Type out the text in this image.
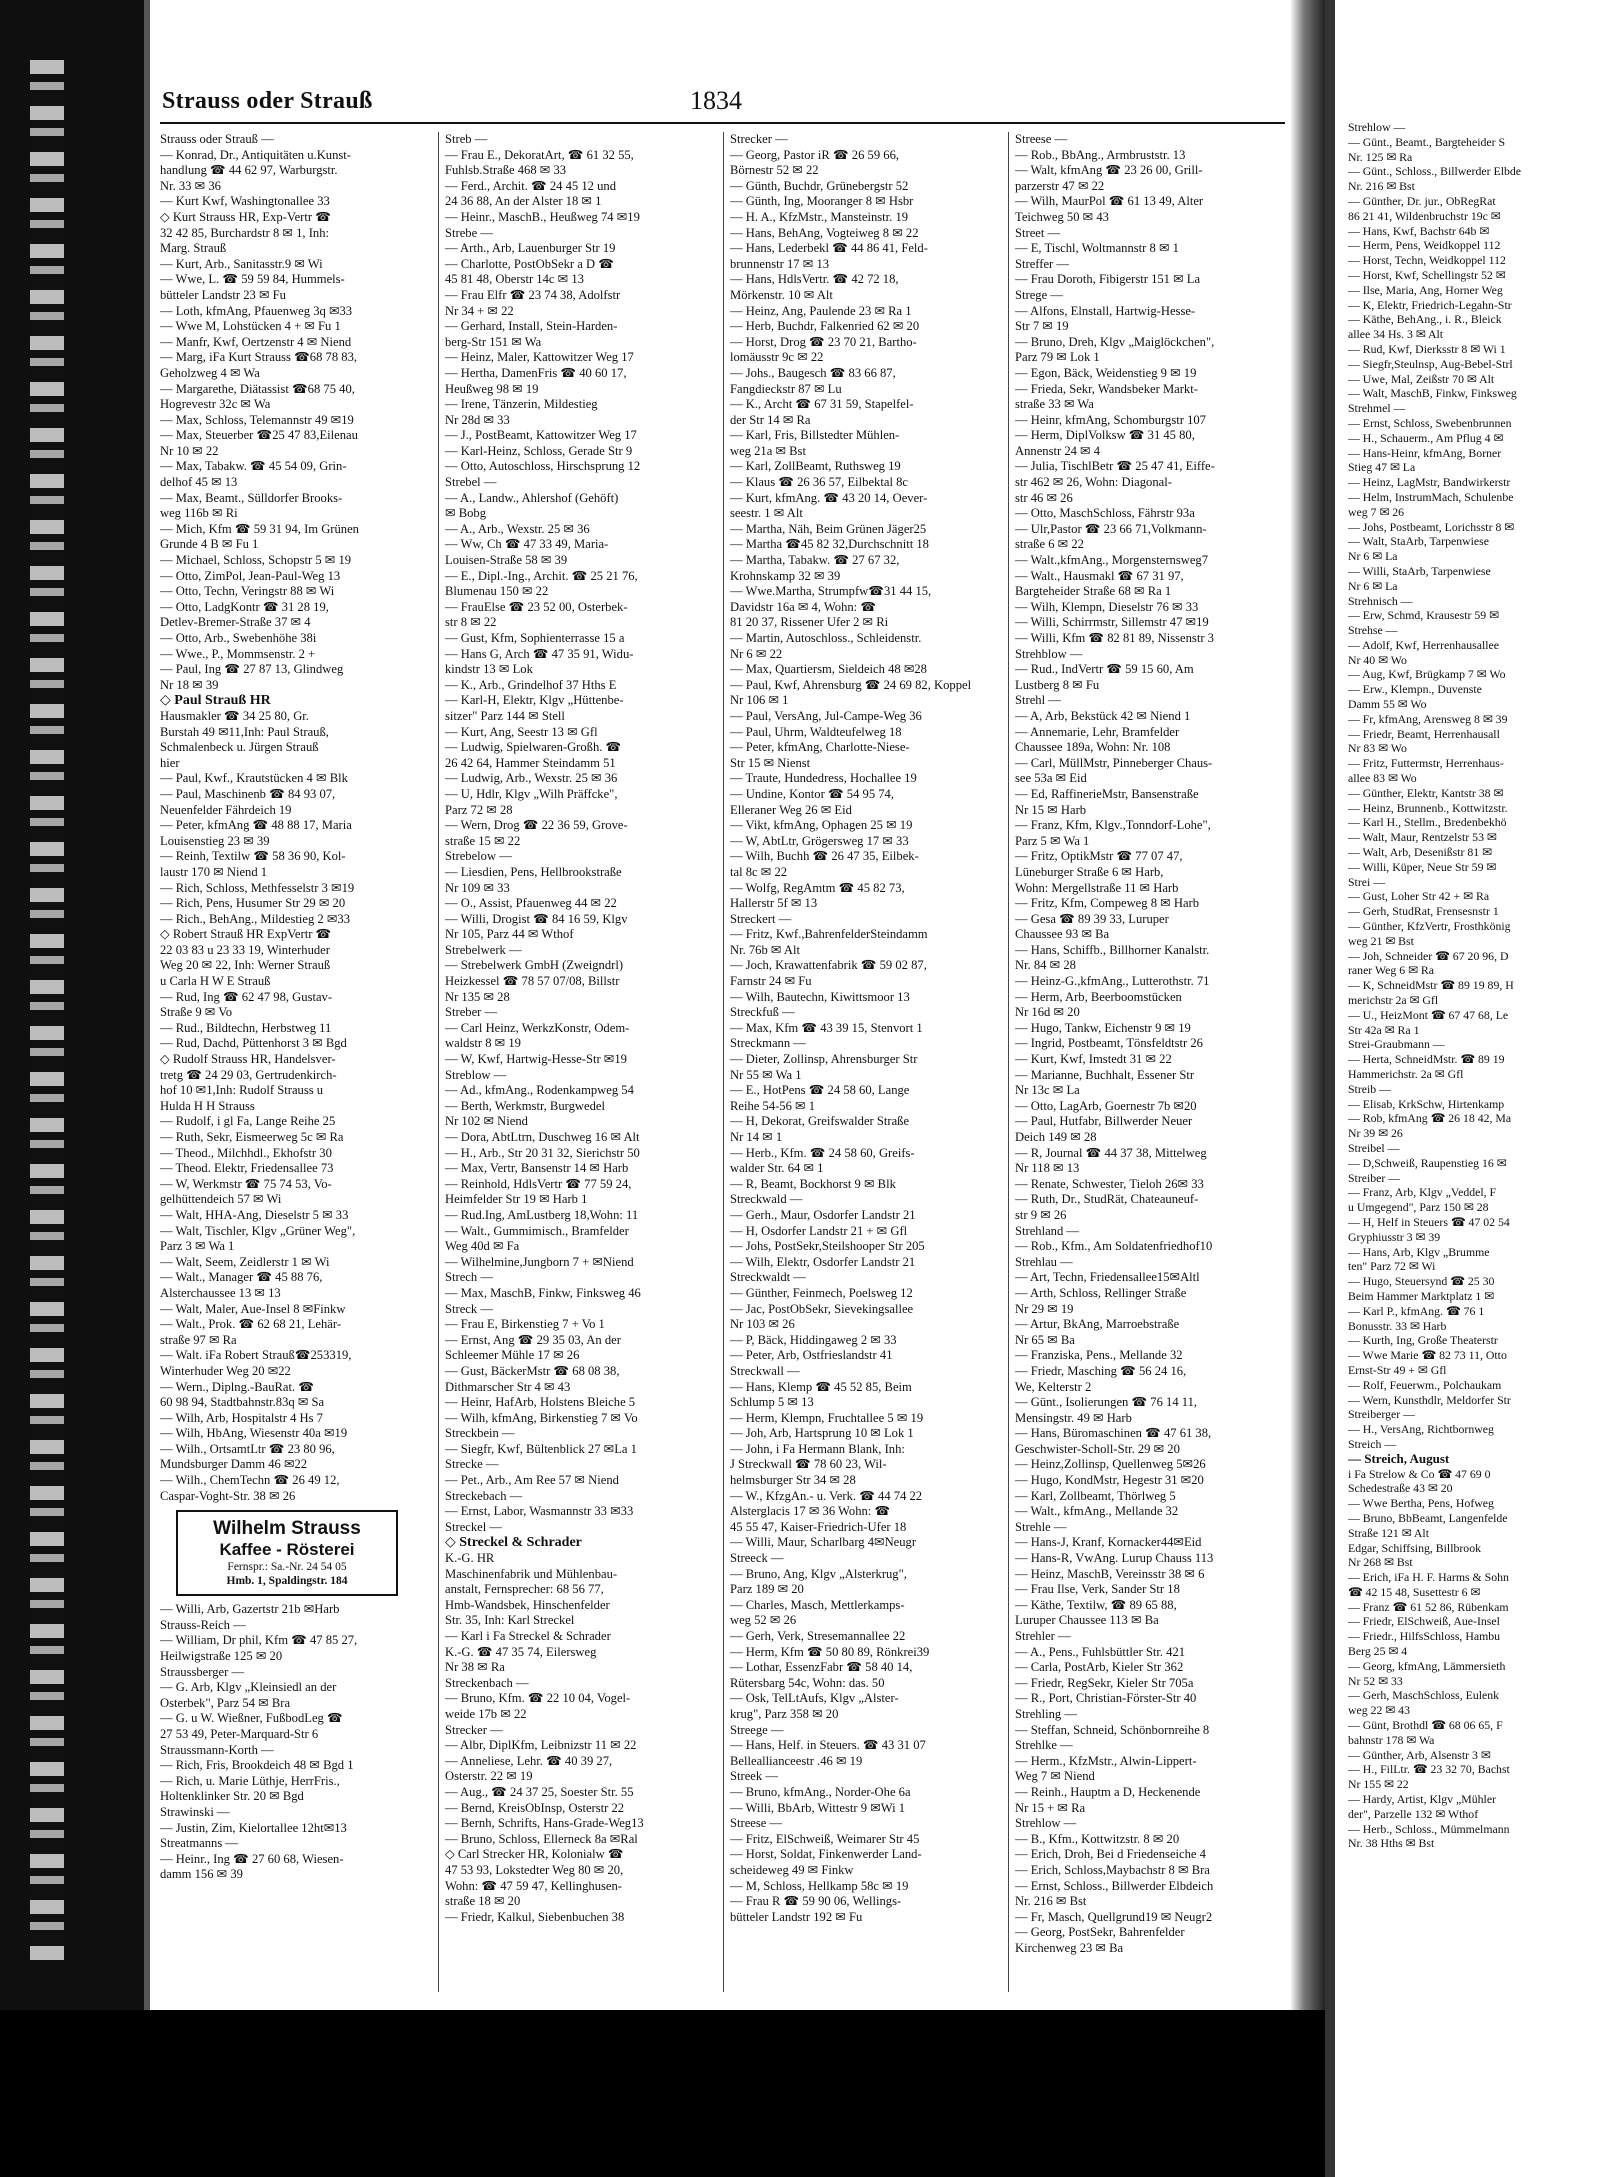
Strauss oder Strauß	1834
Strauss oder Strauß —
— Konrad, Dr., Antiquitäten u.Kunst-
handlung ☎ 44 62 97, Warburgstr.
Nr. 33 ✉ 36
— Kurt Kwf, Washingtonallee 33
◇ Kurt Strauss HR, Exp-Vertr ☎
32 42 85, Burchardstr 8 ✉ 1, Inh:
Marg. Strauß
— Kurt, Arb., Sanitasstr.9 ✉ Wi
— Wwe, L. ☎ 59 59 84, Hummels-
bütteler Landstr 23 ✉ Fu
— Loth, kfmAng, Pfauenweg 3q ✉33
— Wwe M, Lohstücken 4 + ✉ Fu 1
— Manfr, Kwf, Oertzenstr 4 ✉ Niend
— Marg, iFa Kurt Strauss ☎68 78 83,
Geholzweg 4 ✉ Wa
— Margarethe, Diätassist ☎68 75 40,
Hogrevestr 32c ✉ Wa
— Max, Schloss, Telemannstr 49 ✉19
— Max, Steuerber ☎25 47 83,Eilenau
Nr 10 ✉ 22
— Max, Tabakw. ☎ 45 54 09, Grin-
delhof 45 ✉ 13
— Max, Beamt., Sülldorfer Brooks-
weg 116b ✉ Ri
— Mich, Kfm ☎ 59 31 94, Im Grünen
Grunde 4 B ✉ Fu 1
— Michael, Schloss, Schopstr 5 ✉ 19
— Otto, ZimPol, Jean-Paul-Weg 13
— Otto, Techn, Veringstr 88 ✉ Wi
— Otto, LadgKontr ☎ 31 28 19,
Detlev-Bremer-Straße 37 ✉ 4
— Otto, Arb., Swebenhöhe 38i
— Wwe., P., Mommsenstr. 2 +
— Paul, Ing ☎ 27 87 13, Glindweg
Nr 18 ✉ 39
◇ Paul Strauß HR
Hausmakler ☎ 34 25 80, Gr.
Burstah 49 ✉11,Inh: Paul Strauß,
Schmalenbeck u. Jürgen Strauß
hier
— Paul, Kwf., Krautstücken 4 ✉ Blk
— Paul, Maschinenb ☎ 84 93 07,
Neuenfelder Fährdeich 19
— Peter, kfmAng ☎ 48 88 17, Maria
Louisenstieg 23 ✉ 39
— Reinh, Textilw ☎ 58 36 90, Kol-
laustr 170 ✉ Niend 1
— Rich, Schloss, Methfesselstr 3 ✉19
— Rich, Pens, Husumer Str 29 ✉ 20
— Rich., BehAng., Mildestieg 2 ✉33
◇ Robert Strauß HR ExpVertr ☎
22 03 83 u 23 33 19, Winterhuder
Weg 20 ✉ 22, Inh: Werner Strauß
u Carla H W E Strauß
— Rud, Ing ☎ 62 47 98, Gustav-
Straße 9 ✉ Vo
— Rud., Bildtechn, Herbstweg 11
— Rud, Dachd, Püttenhorst 3 ✉ Bgd
◇ Rudolf Strauss HR, Handelsver-
tretg ☎ 24 29 03, Gertrudenkirch-
hof 10 ✉1,Inh: Rudolf Strauss u
Hulda H H Strauss
— Rudolf, i gl Fa, Lange Reihe 25
— Ruth, Sekr, Eismeerweg 5c ✉ Ra
— Theod., Milchhdl., Ekhofstr 30
— Theod. Elektr, Friedensallee 73
— W, Werkmstr ☎ 75 74 53, Vo-
gelhüttendeich 57 ✉ Wi
— Walt, HHA-Ang, Dieselstr 5 ✉ 33
— Walt, Tischler, Klgv „Grüner Weg",
Parz 3 ✉ Wa 1
— Walt, Seem, Zeidlerstr 1 ✉ Wi
— Walt., Manager ☎ 45 88 76,
Alsterchaussee 13 ✉ 13
— Walt, Maler, Aue-Insel 8 ✉Finkw
— Walt., Prok. ☎ 62 68 21, Lehär-
straße 97 ✉ Ra
— Walt. iFa Robert Strauß☎253319,
Winterhuder Weg 20 ✉22
— Wern., Diplng.-BauRat. ☎
60 98 94, Stadtbahnstr.83q ✉ Sa
— Wilh, Arb, Hospitalstr 4 Hs 7
— Wilh, HbAng, Wiesenstr 40a ✉19
— Wilh., OrtsamtLtr ☎ 23 80 96,
Mundsburger Damm 46 ✉22
— Wilh., ChemTechn ☎ 26 49 12,
Caspar-Voght-Str. 38 ✉ 26
Wilhelm Strauss
Kaffee - Rösterei
Fernspr.: Sa.-Nr. 24 54 05
Hmb. 1, Spaldingstr. 184
— Willi, Arb, Gazertstr 21b ✉Harb
Strauss-Reich —
— William, Dr phil, Kfm ☎ 47 85 27,
Heilwigstraße 125 ✉ 20
Straussberger —
— G. Arb, Klgv „Kleinsiedl an der
Osterbek", Parz 54 ✉ Bra
— G. u W. Wießner, FußbodLeg ☎
27 53 49, Peter-Marquard-Str 6
Straussmann-Korth —
— Rich, Fris, Brookdeich 48 ✉ Bgd 1
— Rich, u. Marie Lüthje, HerrFris.,
Holtenklinker Str. 20 ✉ Bgd
Strawinski —
— Justin, Zim, Kielortallee 12ht✉13
Streatmanns —
— Heinr., Ing ☎ 27 60 68, Wiesen-
damm 156 ✉ 39
Streb —
— Frau E., DekoratArt, ☎ 61 32 55,
Fuhlsb.Straße 468 ✉ 33
— Ferd., Archit. ☎ 24 45 12 und
24 36 88, An der Alster 18 ✉ 1
— Heinr., MaschB., Heußweg 74 ✉19
Strebe —
— Arth., Arb, Lauenburger Str 19
— Charlotte, PostObSekr a D ☎
45 81 48, Oberstr 14c ✉ 13
— Frau Elfr ☎ 23 74 38, Adolfstr
Nr 34 + ✉ 22
— Gerhard, Install, Stein-Harden-
berg-Str 151 ✉ Wa
— Heinz, Maler, Kattowitzer Weg 17
— Hertha, DamenFris ☎ 40 60 17,
Heußweg 98 ✉ 19
— Irene, Tänzerin, Mildestieg
Nr 28d ✉ 33
— J., PostBeamt, Kattowitzer Weg 17
— Karl-Heinz, Schloss, Gerade Str 9
— Otto, Autoschloss, Hirschsprung 12
Strebel —
— A., Landw., Ahlershof (Gehöft)
✉ Bobg
— A., Arb., Wexstr. 25 ✉ 36
— Ww, Ch ☎ 47 33 49, Maria-
Louisen-Straße 58 ✉ 39
— E., Dipl.-Ing., Archit. ☎ 25 21 76,
Blumenau 150 ✉ 22
— FrauElse ☎ 23 52 00, Osterbek-
str 8 ✉ 22
— Gust, Kfm, Sophienterrasse 15 a
— Hans G, Arch ☎ 47 35 91, Widu-
kindstr 13 ✉ Lok
— K., Arb., Grindelhof 37 Hths E
— Karl-H, Elektr, Klgv „Hüttenbe-
sitzer" Parz 144 ✉ Stell
— Kurt, Ang, Seestr 13 ✉ Gfl
— Ludwig, Spielwaren-Großh. ☎
26 42 64, Hammer Steindamm 51
— Ludwig, Arb., Wexstr. 25 ✉ 36
— U, Hdlr, Klgv „Wilh Präffcke",
Parz 72 ✉ 28
— Wern, Drog ☎ 22 36 59, Grove-
straße 15 ✉ 22
Strebelow —
— Liesdien, Pens, Hellbrookstraße
Nr 109 ✉ 33
— O., Assist, Pfauenweg 44 ✉ 22
— Willi, Drogist ☎ 84 16 59, Klgv
Nr 105, Parz 44 ✉ Wthof
Strebelwerk —
— Strebelwerk GmbH (Zweigndrl)
Heizkessel ☎ 78 57 07/08, Billstr
Nr 135 ✉ 28
Streber —
— Carl Heinz, WerkzKonstr, Odem-
waldstr 8 ✉ 19
— W, Kwf, Hartwig-Hesse-Str ✉19
Streblow —
— Ad., kfmAng., Rodenkampweg 54
— Berth, Werkmstr, Burgwedel
Nr 102 ✉ Niend
— Dora, AbtLtrn, Duschweg 16 ✉ Alt
— H., Arb., Str 20 31 32, Sierichstr 50
— Max, Vertr, Bansenstr 14 ✉ Harb
— Reinhold, HdlsVertr ☎ 77 59 24,
Heimfelder Str 19 ✉ Harb 1
— Rud.Ing, AmLustberg 18,Wohn: 11
— Walt., Gummimisch., Bramfelder
Weg 40d ✉ Fa
— Wilhelmine,Jungborn 7 + ✉Niend
Strech —
— Max, MaschB, Finkw, Finksweg 46
Streck —
— Frau E, Birkenstieg 7 + Vo 1
— Ernst, Ang ☎ 29 35 03, An der
Schleemer Mühle 17 ✉ 26
— Gust, BäckerMstr ☎ 68 08 38,
Dithmarscher Str 4 ✉ 43
— Heinr, HafArb, Holstens Bleiche 5
— Wilh, kfmAng, Birkenstieg 7 ✉ Vo
Streckbein —
— Siegfr, Kwf, Bültenblick 27 ✉La 1
Strecke —
— Pet., Arb., Am Ree 57 ✉ Niend
Streckebach —
— Ernst, Labor, Wasmannstr 33 ✉33
Streckel —
◇ Streckel & Schrader
K.-G. HR
Maschinenfabrik und Mühlenbau-
anstalt, Fernsprecher: 68 56 77,
Hmb-Wandsbek, Hinschenfelder
Str. 35, Inh: Karl Streckel
— Karl i Fa Streckel & Schrader
K.-G. ☎ 47 35 74, Eilersweg
Nr 38 ✉ Ra
Streckenbach —
— Bruno, Kfm. ☎ 22 10 04, Vogel-
weide 17b ✉ 22
Strecker —
— Albr, DiplKfm, Leibnizstr 11 ✉ 22
— Anneliese, Lehr. ☎ 40 39 27,
Osterstr. 22 ✉ 19
— Aug., ☎ 24 37 25, Soester Str. 55
— Bernd, KreisObInsp, Osterstr 22
— Bernh, Schrifts, Hans-Grade-Weg13
— Bruno, Schloss, Ellerneck 8a ✉Ral
◇ Carl Strecker HR, Kolonialw ☎
47 53 93, Lokstedter Weg 80 ✉ 20,
Wohn: ☎ 47 59 47, Kellinghusen-
straße 18 ✉ 20
— Friedr, Kalkul, Siebenbuchen 38
Strecker —
— Georg, Pastor iR ☎ 26 59 66,
Börnestr 52 ✉ 22
— Günth, Buchdr, Grünebergstr 52
— Günth, Ing, Mooranger 8 ✉ Hsbr
— H. A., KfzMstr., Mansteinstr. 19
— Hans, BehAng, Vogteiweg 8 ✉ 22
— Hans, Lederbekl ☎ 44 86 41, Feld-
brunnenstr 17 ✉ 13
— Hans, HdlsVertr. ☎ 42 72 18,
Mörkenstr. 10 ✉ Alt
— Heinz, Ang, Paulende 23 ✉ Ra 1
— Herb, Buchdr, Falkenried 62 ✉ 20
— Horst, Drog ☎ 23 70 21, Bartho-
lomäusstr 9c ✉ 22
— Johs., Baugesch ☎ 83 66 87,
Fangdieckstr 87 ✉ Lu
— K., Archt ☎ 67 31 59, Stapelfel-
der Str 14 ✉ Ra
— Karl, Fris, Billstedter Mühlen-
weg 21a ✉ Bst
— Karl, ZollBeamt, Ruthsweg 19
— Klaus ☎ 26 36 57, Eilbektal 8c
— Kurt, kfmAng. ☎ 43 20 14, Oever-
seestr. 1 ✉ Alt
— Martha, Näh, Beim Grünen Jäger25
— Martha ☎45 82 32,Durchschnitt 18
— Martha, Tabakw. ☎ 27 67 32,
Krohnskamp 32 ✉ 39
— Wwe.Martha, Strumpfw☎31 44 15,
Davidstr 16a ✉ 4, Wohn: ☎
81 20 37, Rissener Ufer 2 ✉ Ri
— Martin, Autoschloss., Schleidenstr.
Nr 6 ✉ 22
— Max, Quartiersm, Sieldeich 48 ✉28
— Paul, Kwf, Ahrensburg ☎ 24 69 82, Koppel
Nr 106 ✉ 1
— Paul, VersAng, Jul-Campe-Weg 36
— Paul, Uhrm, Waldteufelweg 18
— Peter, kfmAng, Charlotte-Niese-
Str 15 ✉ Nienst
— Traute, Hundedress, Hochallee 19
— Undine, Kontor ☎ 54 95 74,
Elleraner Weg 26 ✉ Eid
— Vikt, kfmAng, Ophagen 25 ✉ 19
— W, AbtLtr, Grögersweg 17 ✉ 33
— Wilh, Buchh ☎ 26 47 35, Eilbek-
tal 8c ✉ 22
— Wolfg, RegAmtm ☎ 45 82 73,
Hallerstr 5f ✉ 13
Streckert —
— Fritz, Kwf.,BahrenfelderSteindamm
Nr. 76b ✉ Alt
— Joch, Krawattenfabrik ☎ 59 02 87,
Farnstr 24 ✉ Fu
— Wilh, Bautechn, Kiwittsmoor 13
Streckfuß —
— Max, Kfm ☎ 43 39 15, Stenvort 1
Streckmann —
— Dieter, Zollinsp, Ahrensburger Str
Nr 55 ✉ Wa 1
— E., HotPens ☎ 24 58 60, Lange
Reihe 54-56 ✉ 1
— H, Dekorat, Greifswalder Straße
Nr 14 ✉ 1
— Herb., Kfm. ☎ 24 58 60, Greifs-
walder Str. 64 ✉ 1
— R, Beamt, Bockhorst 9 ✉ Blk
Streckwald —
— Gerh., Maur, Osdorfer Landstr 21
— H, Osdorfer Landstr 21 + ✉ Gfl
— Johs, PostSekr,Steilshooper Str 205
— Wilh, Elektr, Osdorfer Landstr 21
Streckwaldt —
— Günther, Feinmech, Poelsweg 12
— Jac, PostObSekr, Sievekingsallee
Nr 103 ✉ 26
— P, Bäck, Hiddingaweg 2 ✉ 33
— Peter, Arb, Ostfrieslandstr 41
Streckwall —
— Hans, Klemp ☎ 45 52 85, Beim
Schlump 5 ✉ 13
— Herm, Klempn, Fruchtallee 5 ✉ 19
— Joh, Arb, Hartsprung 10 ✉ Lok 1
— John, i Fa Hermann Blank, Inh:
J Streckwall ☎ 78 60 23, Wil-
helmsburger Str 34 ✉ 28
— W., KfzgAn.- u. Verk. ☎ 44 74 22
Alsterglacis 17 ✉ 36 Wohn: ☎
45 55 47, Kaiser-Friedrich-Ufer 18
— Willi, Maur, Scharlbarg 4✉Neugr
Streeck —
— Bruno, Ang, Klgv „Alsterkrug",
Parz 189 ✉ 20
— Charles, Masch, Mettlerkamps-
weg 52 ✉ 26
— Gerh, Verk, Stresemannallee 22
— Herm, Kfm ☎ 50 80 89, Rönkrei39
— Lothar, EssenzFabr ☎ 58 40 14,
Rütersbarg 54c, Wohn: das. 50
— Osk, TelLtAufs, Klgv „Alster-
krug", Parz 358 ✉ 20
Streege —
— Hans, Helf. in Steuers. ☎ 43 31 07
Belleallianceestr .46 ✉ 19
Streek —
— Bruno, kfmAng., Norder-Ohe 6a
— Willi, BbArb, Wittestr 9 ✉Wi 1
Streese —
— Fritz, ElSchweiß, Weimarer Str 45
— Horst, Soldat, Finkenwerder Land-
scheideweg 49 ✉ Finkw
— M, Schloss, Hellkamp 58c ✉ 19
— Frau R ☎ 59 90 06, Wellings-
bütteler Landstr 192 ✉ Fu
Streese —
— Rob., BbAng., Armbruststr. 13
— Walt, kfmAng ☎ 23 26 00, Grill-
parzerstr 47 ✉ 22
— Wilh, MaurPol ☎ 61 13 49, Alter
Teichweg 50 ✉ 43
Street —
— E, Tischl, Woltmannstr 8 ✉ 1
Streffer —
— Frau Doroth, Fibigerstr 151 ✉ La
Strege —
— Alfons, Elnstall, Hartwig-Hesse-
Str 7 ✉ 19
— Bruno, Dreh, Klgv „Maiglöckchen",
Parz 79 ✉ Lok 1
— Egon, Bäck, Weidenstieg 9 ✉ 19
— Frieda, Sekr, Wandsbeker Markt-
straße 33 ✉ Wa
— Heinr, kfmAng, Schomburgstr 107
— Herm, DiplVolksw ☎ 31 45 80,
Annenstr 24 ✉ 4
— Julia, TischlBetr ☎ 25 47 41, Eiffe-
str 462 ✉ 26, Wohn: Diagonal-
str 46 ✉ 26
— Otto, MaschSchloss, Fährstr 93a
— Ulr,Pastor ☎ 23 66 71,Volkmann-
straße 6 ✉ 22
— Walt.,kfmAng., Morgensternsweg7
— Walt., Hausmakl ☎ 67 31 97,
Bargteheider Straße 68 ✉ Ra 1
— Wilh, Klempn, Dieselstr 76 ✉ 33
— Willi, Schirrmstr, Sillemstr 47 ✉19
— Willi, Kfm ☎ 82 81 89, Nissenstr 3
Strehblow —
— Rud., IndVertr ☎ 59 15 60, Am
Lustberg 8 ✉ Fu
Strehl —
— A, Arb, Bekstück 42 ✉ Niend 1
— Annemarie, Lehr, Bramfelder
Chaussee 189a, Wohn: Nr. 108
— Carl, MüllMstr, Pinneberger Chaus-
see 53a ✉ Eid
— Ed, RaffinerieMstr, Bansenstraße
Nr 15 ✉ Harb
— Franz, Kfm, Klgv.,Tonndorf-Lohe",
Parz 5 ✉ Wa 1
— Fritz, OptikMstr ☎ 77 07 47,
Lüneburger Straße 6 ✉ Harb,
Wohn: Mergellstraße 11 ✉ Harb
— Fritz, Kfm, Compeweg 8 ✉ Harb
— Gesa ☎ 89 39 33, Luruper
Chaussee 93 ✉ Ba
— Hans, Schiffb., Billhorner Kanalstr.
Nr. 84 ✉ 28
— Heinz-G.,kfmAng., Lutterothstr. 71
— Herm, Arb, Beerboomstücken
Nr 16d ✉ 20
— Hugo, Tankw, Eichenstr 9 ✉ 19
— Ingrid, Postbeamt, Tönsfeldtstr 26
— Kurt, Kwf, Imstedt 31 ✉ 22
— Marianne, Buchhalt, Essener Str
Nr 13c ✉ La
— Otto, LagArb, Goernestr 7b ✉20
— Paul, Hutfabr, Billwerder Neuer
Deich 149 ✉ 28
— R, Journal ☎ 44 37 38, Mittelweg
Nr 118 ✉ 13
— Renate, Schwester, Tieloh 26✉ 33
— Ruth, Dr., StudRät, Chateauneuf-
str 9 ✉ 26
Strehland —
— Rob., Kfm., Am Soldatenfriedhof10
Strehlau —
— Art, Techn, Friedensallee15✉Altl
— Arth, Schloss, Rellinger Straße
Nr 29 ✉ 19
— Artur, BkAng, Marroebstraße
Nr 65 ✉ Ba
— Franziska, Pens., Mellande 32
— Friedr, Masching ☎ 56 24 16,
We, Kelterstr 2
— Günt., Isolierungen ☎ 76 14 11,
Mensingstr. 49 ✉ Harb
— Hans, Büromaschinen ☎ 47 61 38,
Geschwister-Scholl-Str. 29 ✉ 20
— Heinz,Zollinsp, Quellenweg 5✉26
— Hugo, KondMstr, Hegestr 31 ✉20
— Karl, Zollbeamt, Thörlweg 5
— Walt., kfmAng., Mellande 32
Strehle —
— Hans-J, Kranf, Kornacker44✉Eid
— Hans-R, VwAng. Lurup Chauss 113
— Heinz, MaschB, Vereinsstr 38 ✉ 6
— Frau Ilse, Verk, Sander Str 18
— Käthe, Textilw, ☎ 89 65 88,
Luruper Chaussee 113 ✉ Ba
Strehler —
— A., Pens., Fuhlsbüttler Str. 421
— Carla, PostArb, Kieler Str 362
— Friedr, RegSekr, Kieler Str 705a
— R., Port, Christian-Förster-Str 40
Strehling —
— Steffan, Schneid, Schönbornreihe 8
Strehlke —
— Herm., KfzMstr., Alwin-Lippert-
Weg 7 ✉ Niend
— Reinh., Hauptm a D, Heckenende
Nr 15 + ✉ Ra
Strehlow —
— B., Kfm., Kottwitzstr. 8 ✉ 20
— Erich, Droh, Bei d Friedenseiche 4
— Erich, Schloss,Maybachstr 8 ✉ Bra
— Ernst, Schloss., Billwerder Elbdeich
Nr. 216 ✉ Bst
— Fr, Masch, Quellgrund19 ✉ Neugr2
— Georg, PostSekr, Bahrenfelder
Kirchenweg 23 ✉ Ba
Strehlow —
— Günt., Beamt., Bargteheider S
Nr. 125 ✉ Ra
— Günt., Schloss., Billwerder Elbde
Nr. 216 ✉ Bst
— Günther, Dr. jur., ObRegRat
86 21 41, Wildenbruchstr 19c ✉
— Hans, Kwf, Bachstr 64b ✉
— Herm, Pens, Weidkoppel 112
— Horst, Techn, Weidkoppel 112
— Horst, Kwf, Schellingstr 52 ✉
— Ilse, Maria, Ang, Horner Weg
— K, Elektr, Friedrich-Legahn-Str
— Käthe, BehAng., i. R., Bleick
allee 34 Hs. 3 ✉ Alt
— Rud, Kwf, Dierksstr 8 ✉ Wi 1
— Siegfr,Steulnsp, Aug-Bebel-Strl
— Uwe, Mal, Zeißstr 70 ✉ Alt
— Walt, MaschB, Finkw, Finksweg
Strehmel —
— Ernst, Schloss, Swebenbrunnen
— H., Schauerm., Am Pflug 4 ✉
— Hans-Heinr, kfmAng, Borner
Stieg 47 ✉ La
— Heinz, LagMstr, Bandwirkerstr
— Helm, InstrumMach, Schulenbe
weg 7 ✉ 26
— Johs, Postbeamt, Lorichsstr 8 ✉
— Walt, StaArb, Tarpenwiese
Nr 6 ✉ La
— Willi, StaArb, Tarpenwiese
Nr 6 ✉ La
Strehnisch —
— Erw, Schmd, Krausestr 59 ✉
Strehse —
— Adolf, Kwf, Herrenhausallee
Nr 40 ✉ Wo
— Aug, Kwf, Brügkamp 7 ✉ Wo
— Erw., Klempn., Duvenste
Damm 55 ✉ Wo
— Fr, kfmAng, Arensweg 8 ✉ 39
— Friedr, Beamt, Herrenhausall
Nr 83 ✉ Wo
— Fritz, Futtermstr, Herrenhaus-
allee 83 ✉ Wo
— Günther, Elektr, Kantstr 38 ✉
— Heinz, Brunnenb., Kottwitzstr.
— Karl H., Stellm., Bredenbekhö
— Walt, Maur, Rentzelstr 53 ✉
— Walt, Arb, Desenißstr 81 ✉
— Willi, Küper, Neue Str 59 ✉
Strei —
— Gust, Loher Str 42 + ✉ Ra
— Gerh, StudRat, Frensesnstr 1
— Günther, KfzVertr, Frosthkönig
weg 21 ✉ Bst
— Joh, Schneider ☎ 67 20 96, D
raner Weg 6 ✉ Ra
— K, SchneidMstr ☎ 89 19 89, H
merichstr 2a ✉ Gfl
— U., HeizMont ☎ 67 47 68, Le
Str 42a ✉ Ra 1
Strei-Graubmann —
— Herta, SchneidMstr. ☎ 89 19
Hammerichstr. 2a ✉ Gfl
Streib —
— Elisab, KrkSchw, Hirtenkamp
— Rob, kfmAng ☎ 26 18 42, Ma
Nr 39 ✉ 26
Streibel —
— D,Schweiß, Raupenstieg 16 ✉
Streiber —
— Franz, Arb, Klgv „Veddel, F
u Umgegend", Parz 150 ✉ 28
— H, Helf in Steuers ☎ 47 02 54
Gryphiusstr 3 ✉ 39
— Hans, Arb, Klgv „Brumme
ten" Parz 72 ✉ Wi
— Hugo, Steuersynd ☎ 25 30
Beim Hammer Marktplatz 1 ✉
— Karl P., kfmAng. ☎ 76 1
Bonusstr. 33 ✉ Harb
— Kurth, Ing, Große Theaterstr
— Wwe Marie ☎ 82 73 11, Otto
Ernst-Str 49 + ✉ Gfl
— Rolf, Feuerwm., Polchaukam
— Wern, Kunsthdlr, Meldorfer Str
Streiberger —
— H., VersAng, Richtbornweg
Streich —
— Streich, August
i Fa Strelow & Co ☎ 47 69 0
Schedestraße 43 ✉ 20
— Wwe Bertha, Pens, Hofweg
— Bruno, BbBeamt, Langenfelde
Straße 121 ✉ Alt
Edgar, Schiffsing, Billbrook
Nr 268 ✉ Bst
— Erich, iFa H. F. Harms & Sohn
☎ 42 15 48, Susettestr 6 ✉
— Franz ☎ 61 52 86, Rübenkam
— Friedr, ElSchweiß, Aue-Insel
— Friedr., HilfsSchloss, Hambu
Berg 25 ✉ 4
— Georg, kfmAng, Lämmersieth
Nr 52 ✉ 33
— Gerh, MaschSchloss, Eulenk
weg 22 ✉ 43
— Günt, Brothdl ☎ 68 06 65, F
bahnstr 178 ✉ Wa
— Günther, Arb, Alsenstr 3 ✉
— H., FilLtr. ☎ 23 32 70, Bachst
Nr 155 ✉ 22
— Hardy, Artist, Klgv „Mühler
der", Parzelle 132 ✉ Wthof
— Herb., Schloss., Mümmelmann
Nr. 38 Hths ✉ Bst
